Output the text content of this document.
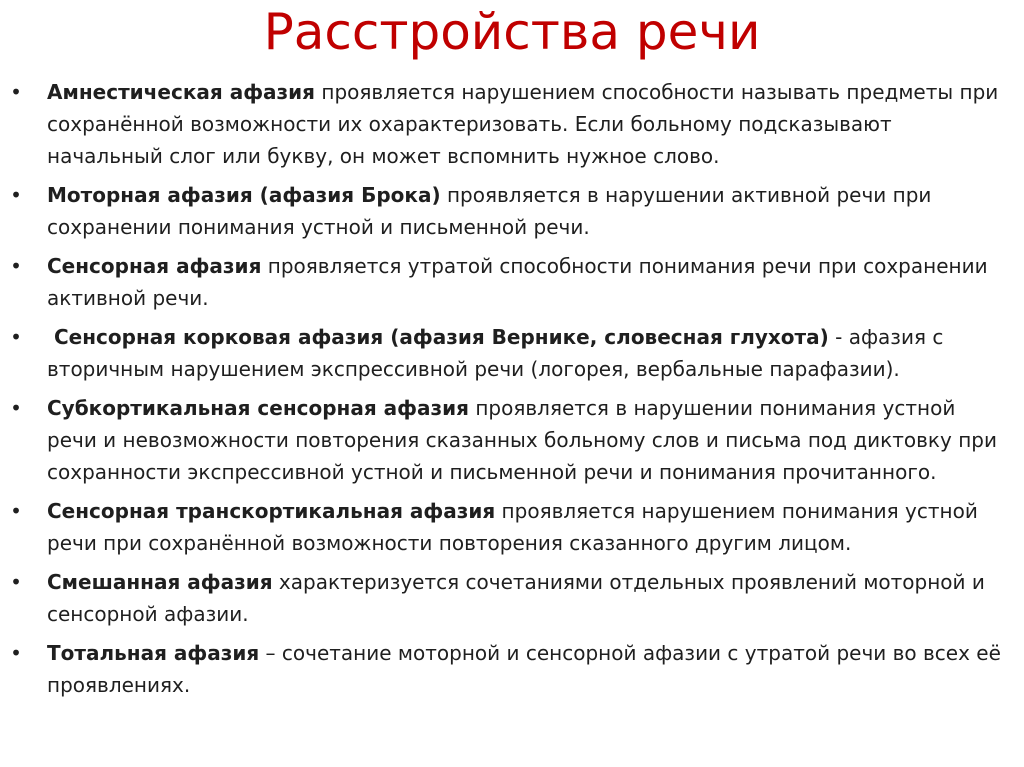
Расстройства речи
• Амнестическая афазия проявляется нарушением способности называть предметы при сохранённой возможности их охарактеризовать. Если больному подсказывают начальный слог или букву, он может вспомнить нужное слово.
• Моторная афазия (афазия Брока) проявляется в нарушении активной речи при сохранении понимания устной и письменной речи.
• Сенсорная афазия проявляется утратой способности понимания речи при сохранении активной речи.
• Сенсорная корковая афазия (афазия Вернике, словесная глухота) - афазия с вторичным нарушением экспрессивной речи (логорея, вербальные парафазии).
• Субкортикальная сенсорная афазия проявляется в нарушении понимания устной речи и невозможности повторения сказанных больному слов и письма под диктовку при сохранности экспрессивной устной и письменной речи и понимания прочитанного.
• Сенсорная транскортикальная афазия проявляется нарушением понимания устной речи при сохранённой возможности повторения сказанного другим лицом.
• Смешанная афазия характеризуется сочетаниями отдельных проявлений моторной и сенсорной афазии.
• Тотальная афазия – сочетание моторной и сенсорной афазии с утратой речи во всех её проявлениях.
